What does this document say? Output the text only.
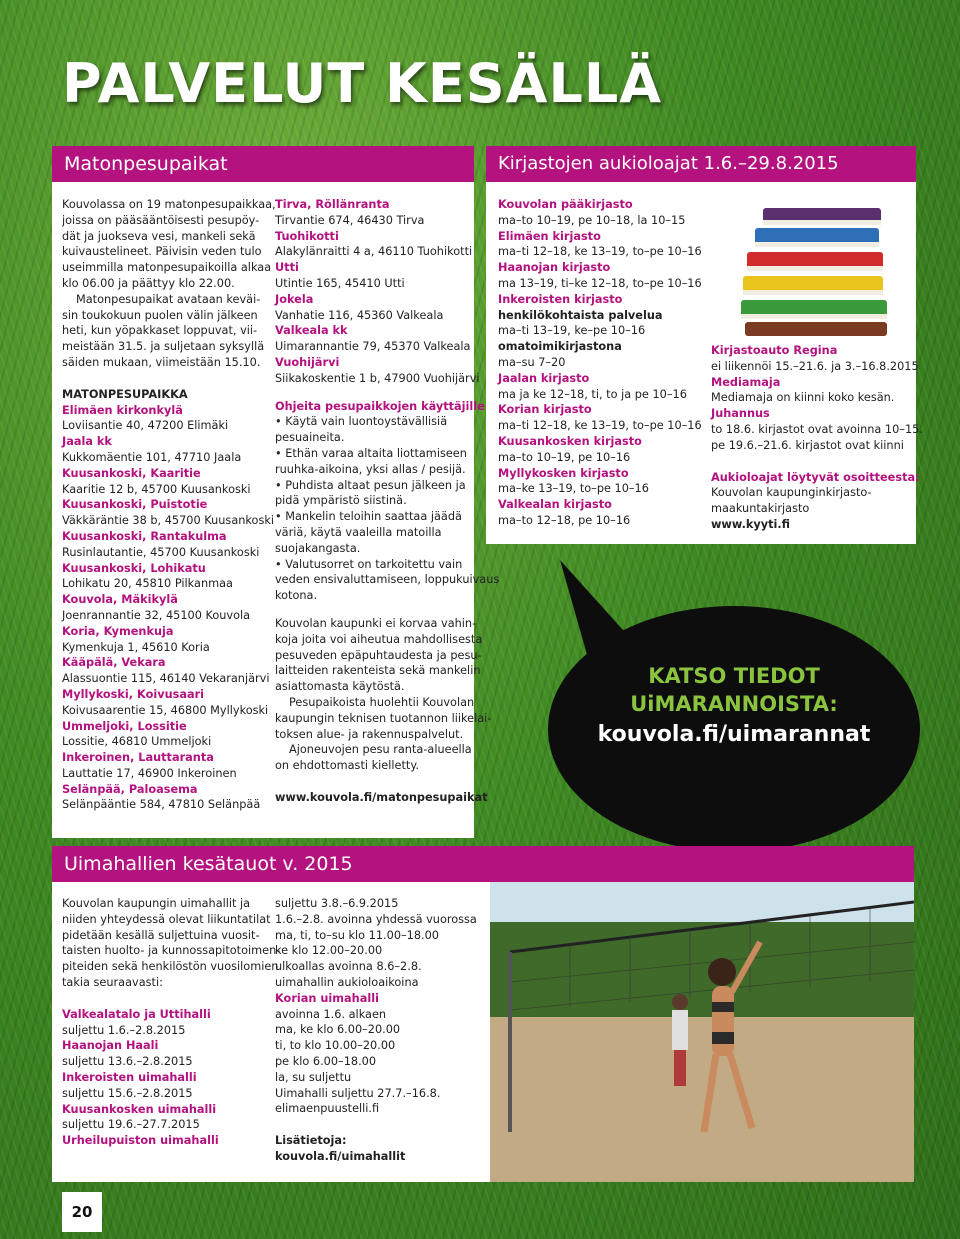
PALVELUT KESÄLLÄ
Matonpesupaikat
Kouvolassa on 19 matonpesupaikkaa,
joissa on pääsääntöisesti pesupöy-
dät ja juokseva vesi, mankeli sekä
kuivaustelineet. Päivisin veden tulo
useimmilla matonpesupaikoilla alkaa
klo 06.00 ja päättyy klo 22.00.
Matonpesupaikat avataan keväi-
sin toukokuun puolen välin jälkeen
heti, kun yöpakkaset loppuvat, vii-
meistään 31.5. ja suljetaan syksyllä
säiden mukaan, viimeistään 15.10.
MATONPESUPAIKKA
Elimäen kirkonkylä
Loviisantie 40, 47200 Elimäki
Jaala kk
Kukkomäentie 101, 47710 Jaala
Kuusankoski, Kaaritie
Kaaritie 12 b, 45700 Kuusankoski
Kuusankoski, Puistotie
Väkkäräntie 38 b, 45700 Kuusankoski
Kuusankoski, Rantakulma
Rusinlautantie, 45700 Kuusankoski
Kuusankoski, Lohikatu
Lohikatu 20, 45810 Pilkanmaa
Kouvola, Mäkikylä
Joenrannantie 32, 45100 Kouvola
Koria, Kymenkuja
Kymenkuja 1, 45610 Koria
Kääpälä, Vekara
Alassuontie 115, 46140 Vekaranjärvi
Myllykoski, Koivusaari
Koivusaarentie 15, 46800 Myllykoski
Ummeljoki, Lossitie
Lossitie, 46810 Ummeljoki
Inkeroinen, Lauttaranta
Lauttatie 17, 46900 Inkeroinen
Selänpää, Paloasema
Selänpääntie 584, 47810 Selänpää
Tirva, Röllänranta
Tirvantie 674, 46430 Tirva
Tuohikotti
Alakylänraitti 4 a, 46110 Tuohikotti
Utti
Utintie 165, 45410 Utti
Jokela
Vanhatie 116, 45360 Valkeala
Valkeala kk
Uimarannantie 79, 45370 Valkeala
Vuohijärvi
Siikakoskentie 1 b, 47900 Vuohijärvi
Ohjeita pesupaikkojen käyttäjille
• Käytä vain luontoystävällisiä
pesuaineita.
• Ethän varaa altaita liottamiseen
ruuhka-aikoina, yksi allas / pesijä.
• Puhdista altaat pesun jälkeen ja
pidä ympäristö siistinä.
• Mankelin teloihin saattaa jäädä
väriä, käytä vaaleilla matoilla
suojakangasta.
• Valutusorret on tarkoitettu vain
veden ensivaluttamiseen, loppukuivaus
kotona.
Kouvolan kaupunki ei korvaa vahin-
koja joita voi aiheutua mahdollisesta
pesuveden epäpuhtaudesta ja pesu-
laitteiden rakenteista sekä mankelin
asiattomasta käytöstä.
Pesupaikoista huolehtii Kouvolan
kaupungin teknisen tuotannon liikelai-
toksen alue- ja rakennuspalvelut.
Ajoneuvojen pesu ranta-alueella
on ehdottomasti kielletty.
www.kouvola.fi/matonpesupaikat
Kirjastojen aukioloajat 1.6.–29.8.2015
Kouvolan pääkirjasto
ma–to 10–19, pe 10–18, la 10–15
Elimäen kirjasto
ma–ti 12–18, ke 13–19, to–pe 10–16
Haanojan kirjasto
ma 13–19, ti–ke 12–18, to–pe 10–16
Inkeroisten kirjasto
henkilökohtaista palvelua
ma–ti 13–19, ke–pe 10–16
omatoimikirjastona
ma–su 7–20
Jaalan kirjasto
ma ja ke 12–18, ti, to ja pe 10–16
Korian kirjasto
ma–ti 12–18, ke 13–19, to–pe 10–16
Kuusankosken kirjasto
ma–to 10–19, pe 10–16
Myllykosken kirjasto
ma–ke 13–19, to–pe 10–16
Valkealan kirjasto
ma–to 12–18, pe 10–16
Kirjastoauto Regina
ei liikennöi 15.–21.6. ja 3.–16.8.2015
Mediamaja
Mediamaja on kiinni koko kesän.
Juhannus
to 18.6. kirjastot ovat avoinna 10–15.
pe 19.6.–21.6. kirjastot ovat kiinni
Aukioloajat löytyvät osoitteesta:
Kouvolan kaupunginkirjasto-
maakuntakirjasto
www.kyyti.fi
KATSO TIEDOT
UiMARANNOISTA:
kouvola.fi/uimarannat
Uimahallien kesätauot v. 2015
Kouvolan kaupungin uimahallit ja
niiden yhteydessä olevat liikuntatilat
pidetään kesällä suljettuina vuosit-
taisten huolto- ja kunnossapitotoimen-
piteiden sekä henkilöstön vuosilomien
takia seuraavasti:
Valkealatalo ja Uttihalli
suljettu 1.6.–2.8.2015
Haanojan Haali
suljettu 13.6.–2.8.2015
Inkeroisten uimahalli
suljettu 15.6.–2.8.2015
Kuusankosken uimahalli
suljettu 19.6.–27.7.2015
Urheilupuiston uimahalli
suljettu 3.8.–6.9.2015
1.6.–2.8. avoinna yhdessä vuorossa
ma, ti, to–su klo 11.00–18.00
ke klo 12.00–20.00
ulkoallas avoinna 8.6–2.8.
uimahallin aukioloaikoina
Korian uimahalli
avoinna 1.6. alkaen
ma, ke klo 6.00–20.00
ti, to klo 10.00–20.00
pe klo 6.00–18.00
la, su suljettu
Uimahalli suljettu 27.7.–16.8.
elimaenpuustelli.fi
Lisätietoja:
kouvola.fi/uimahallit
20
